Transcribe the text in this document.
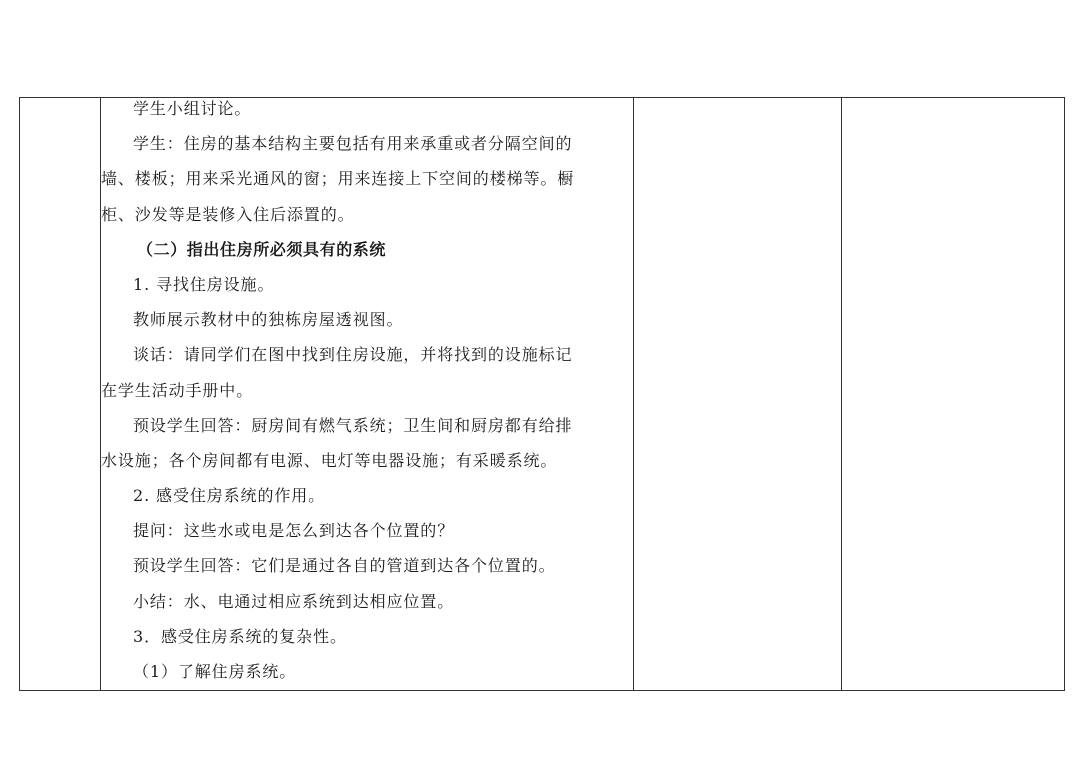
学生小组讨论。
学生：住房的基本结构主要包括有用来承重或者分隔空间的
墙、楼板；用来采光通风的窗；用来连接上下空间的楼梯等。橱
柜、沙发等是装修入住后添置的。
（二）指出住房所必须具有的系统
1. 寻找住房设施。
教师展示教材中的独栋房屋透视图。
谈话：请同学们在图中找到住房设施，并将找到的设施标记
在学生活动手册中。
预设学生回答：厨房间有燃气系统；卫生间和厨房都有给排
水设施；各个房间都有电源、电灯等电器设施；有采暖系统。
2. 感受住房系统的作用。
提问：这些水或电是怎么到达各个位置的？
预设学生回答：它们是通过各自的管道到达各个位置的。
小结：水、电通过相应系统到达相应位置。
3．感受住房系统的复杂性。
（1）了解住房系统。
